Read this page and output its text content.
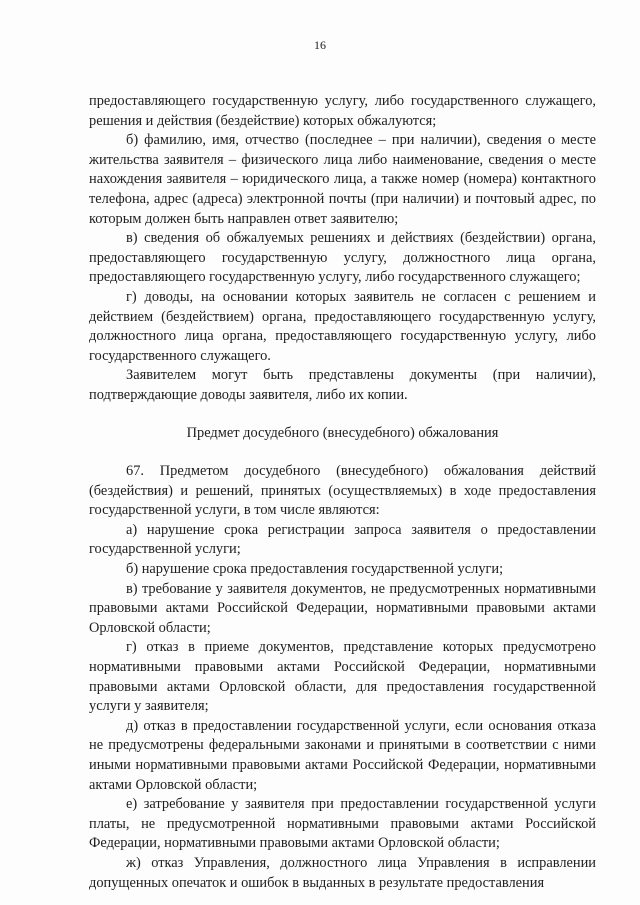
16

предоставляющего государственную услугу, либо государственного служащего, решения и действия (бездействие) которых обжалуются;

б) фамилию, имя, отчество (последнее – при наличии), сведения о месте жительства заявителя – физического лица либо наименование, сведения о месте нахождения заявителя – юридического лица, а также номер (номера) контактного телефона, адрес (адреса) электронной почты (при наличии) и почтовый адрес, по которым должен быть направлен ответ заявителю;

в) сведения об обжалуемых решениях и действиях (бездействии) органа, предоставляющего государственную услугу, должностного лица органа, предоставляющего государственную услугу, либо государственного служащего;

г) доводы, на основании которых заявитель не согласен с решением и действием (бездействием) органа, предоставляющего государственную услугу, должностного лица органа, предоставляющего государственную услугу, либо государственного служащего.

Заявителем могут быть представлены документы (при наличии), подтверждающие доводы заявителя, либо их копии.

Предмет досудебного (внесудебного) обжалования

67. Предметом досудебного (внесудебного) обжалования действий (бездействия) и решений, принятых (осуществляемых) в ходе предоставления государственной услуги, в том числе являются:

а) нарушение срока регистрации запроса заявителя о предоставлении государственной услуги;

б) нарушение срока предоставления государственной услуги;

в) требование у заявителя документов, не предусмотренных нормативными правовыми актами Российской Федерации, нормативными правовыми актами Орловской области;

г) отказ в приеме документов, представление которых предусмотрено нормативными правовыми актами Российской Федерации, нормативными правовыми актами Орловской области, для предоставления государственной услуги у заявителя;

д) отказ в предоставлении государственной услуги, если основания отказа не предусмотрены федеральными законами и принятыми в соответствии с ними иными нормативными правовыми актами Российской Федерации, нормативными актами Орловской области;

е) затребование у заявителя при предоставлении государственной услуги платы, не предусмотренной нормативными правовыми актами Российской Федерации, нормативными правовыми актами Орловской области;

ж) отказ Управления, должностного лица Управления в исправлении допущенных опечаток и ошибок в выданных в результате предоставления
